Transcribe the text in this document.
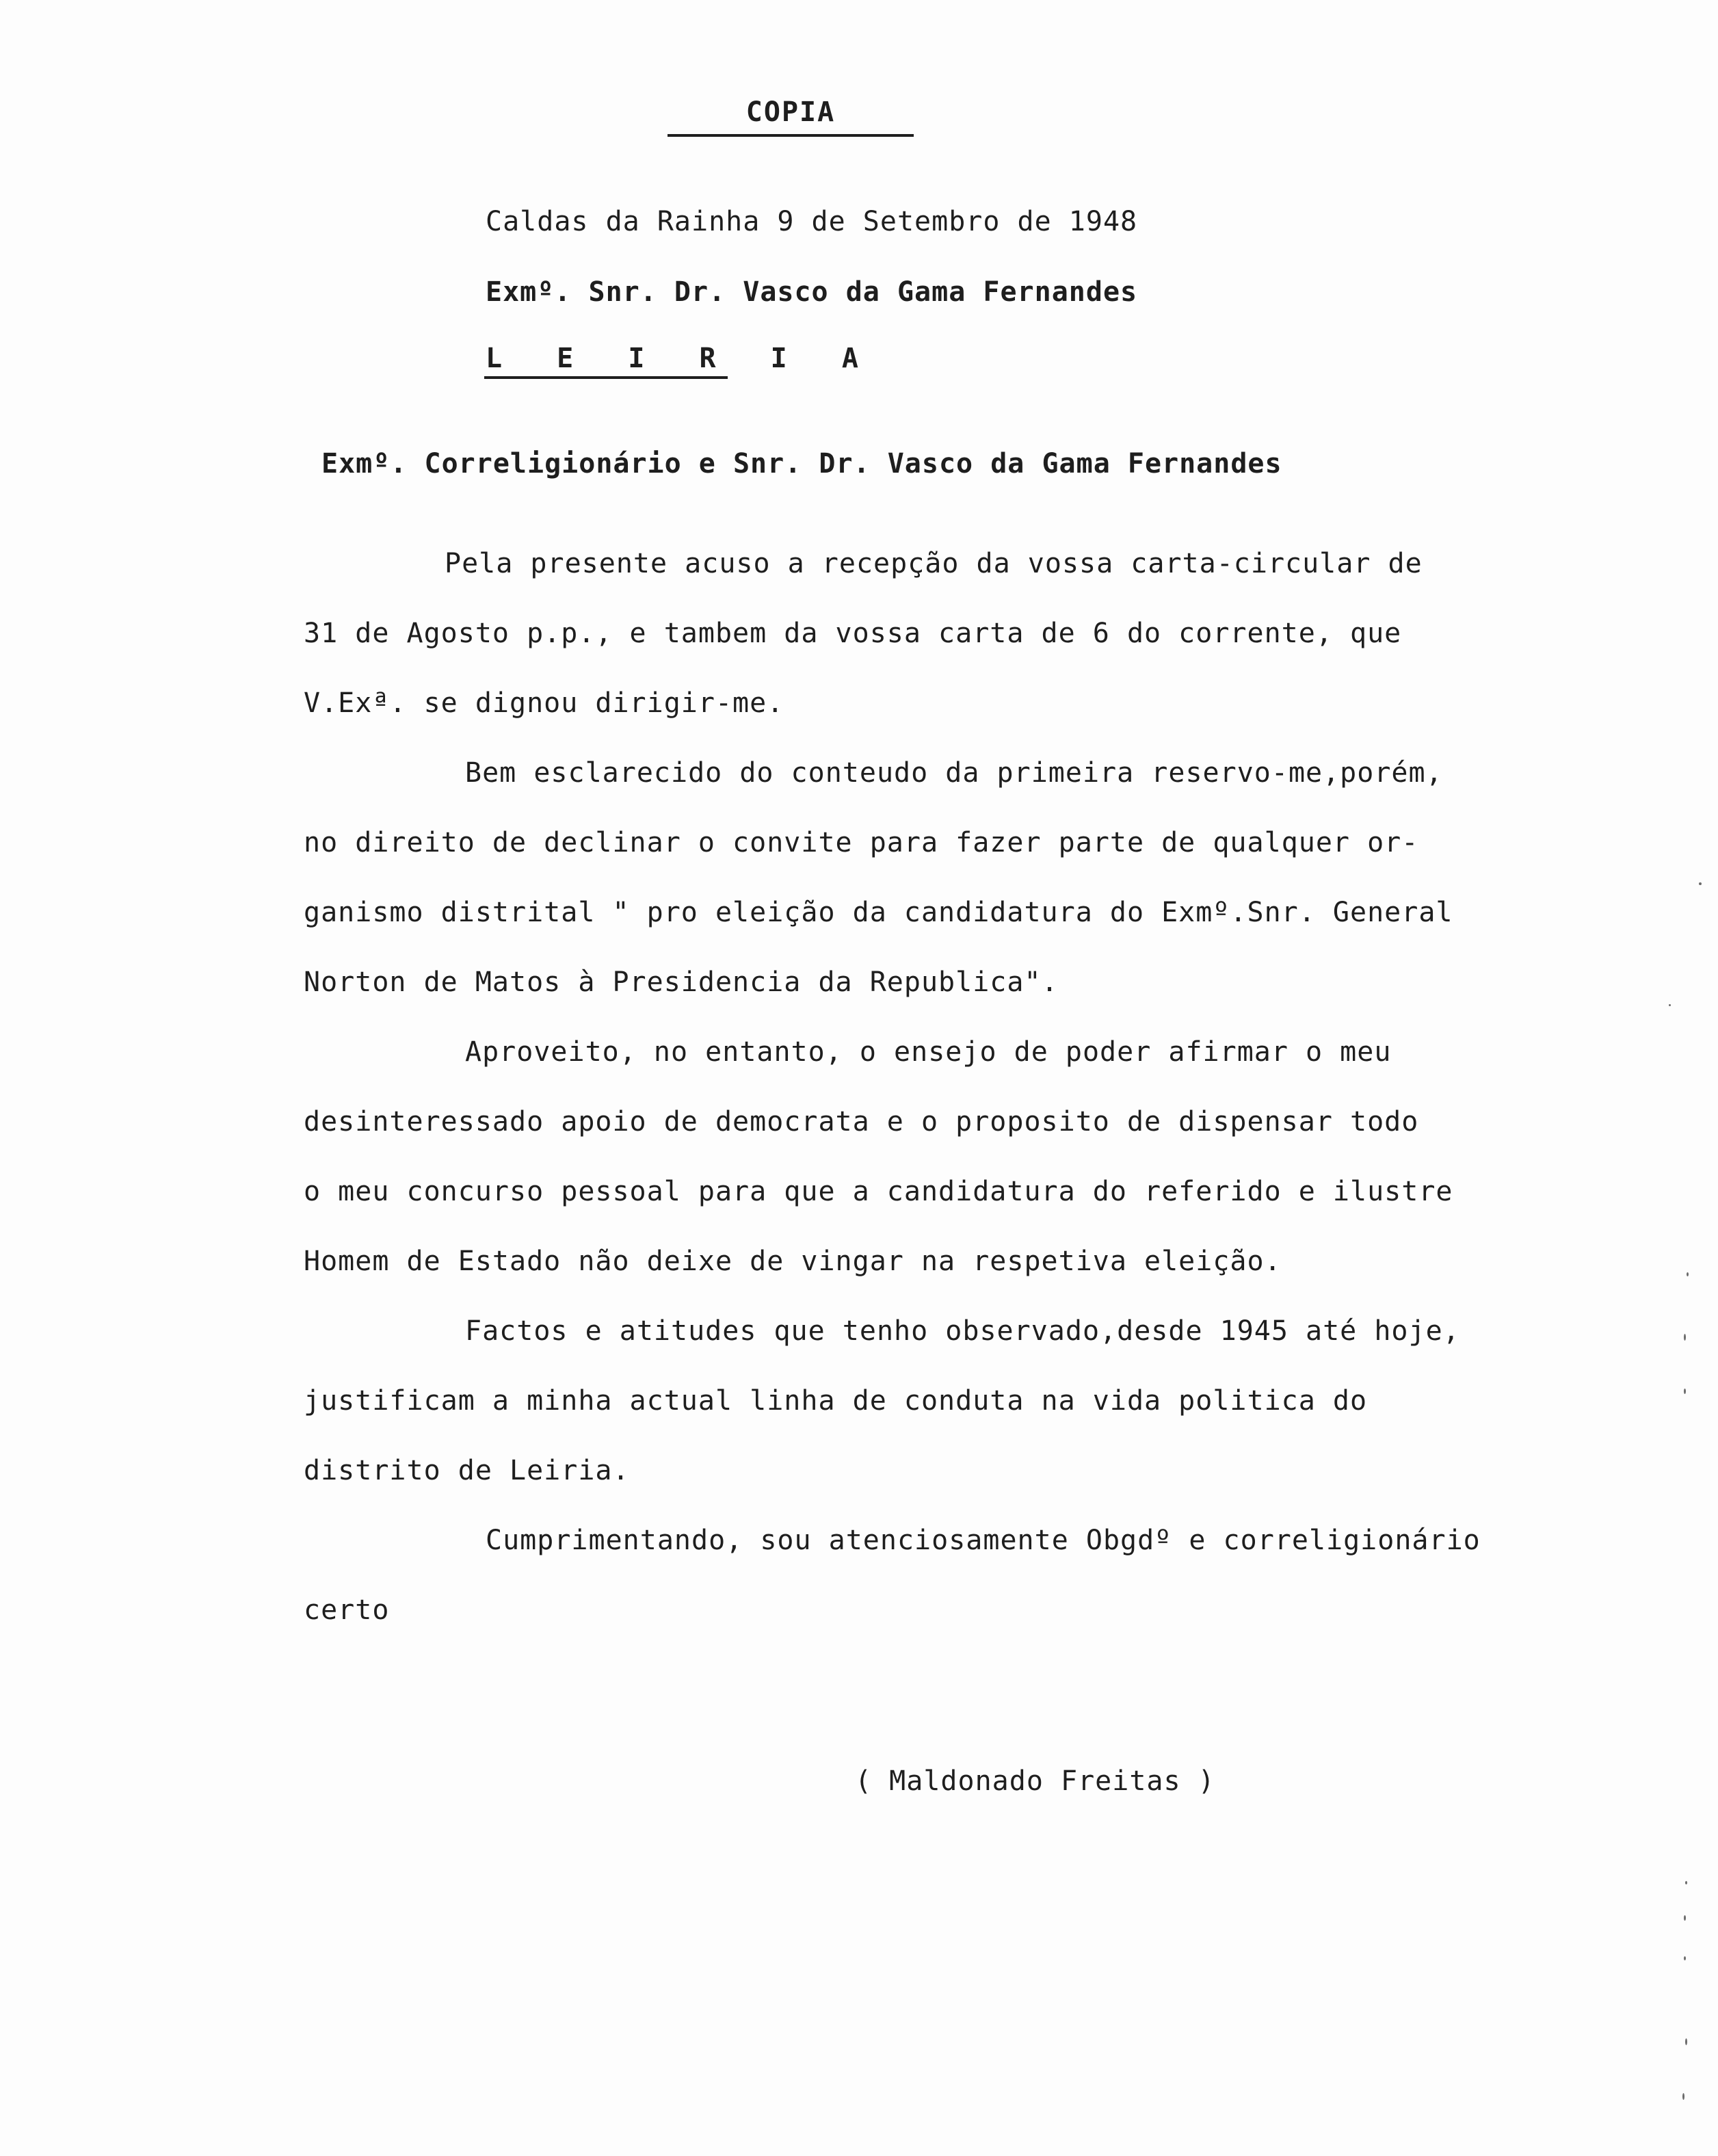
COPIA
Caldas da Rainha 9 de Setembro de 1948
Exmº. Snr. Dr. Vasco da Gama Fernandes
L E I R I A
Exmº. Correligionário e Snr. Dr. Vasco da Gama Fernandes
Pela presente acuso a recepção da vossa carta-circular de
31 de Agosto p.p., e tambem da vossa carta de 6 do corrente, que
V.Exª. se dignou dirigir-me.
Bem esclarecido do conteudo da primeira reservo-me,porém,
no direito de declinar o convite para fazer parte de qualquer or-
ganismo distrital " pro eleição da candidatura do Exmº.Snr. General
Norton de Matos à Presidencia da Republica".
Aproveito, no entanto, o ensejo de poder afirmar o meu
desinteressado apoio de democrata e o proposito de dispensar todo
o meu concurso pessoal para que a candidatura do referido e ilustre
Homem de Estado não deixe de vingar na respetiva eleição.
Factos e atitudes que tenho observado,desde 1945 até hoje,
justificam a minha actual linha de conduta na vida politica do
distrito de Leiria.
Cumprimentando, sou atenciosamente Obgdº e correligionário
certo
( Maldonado Freitas )
